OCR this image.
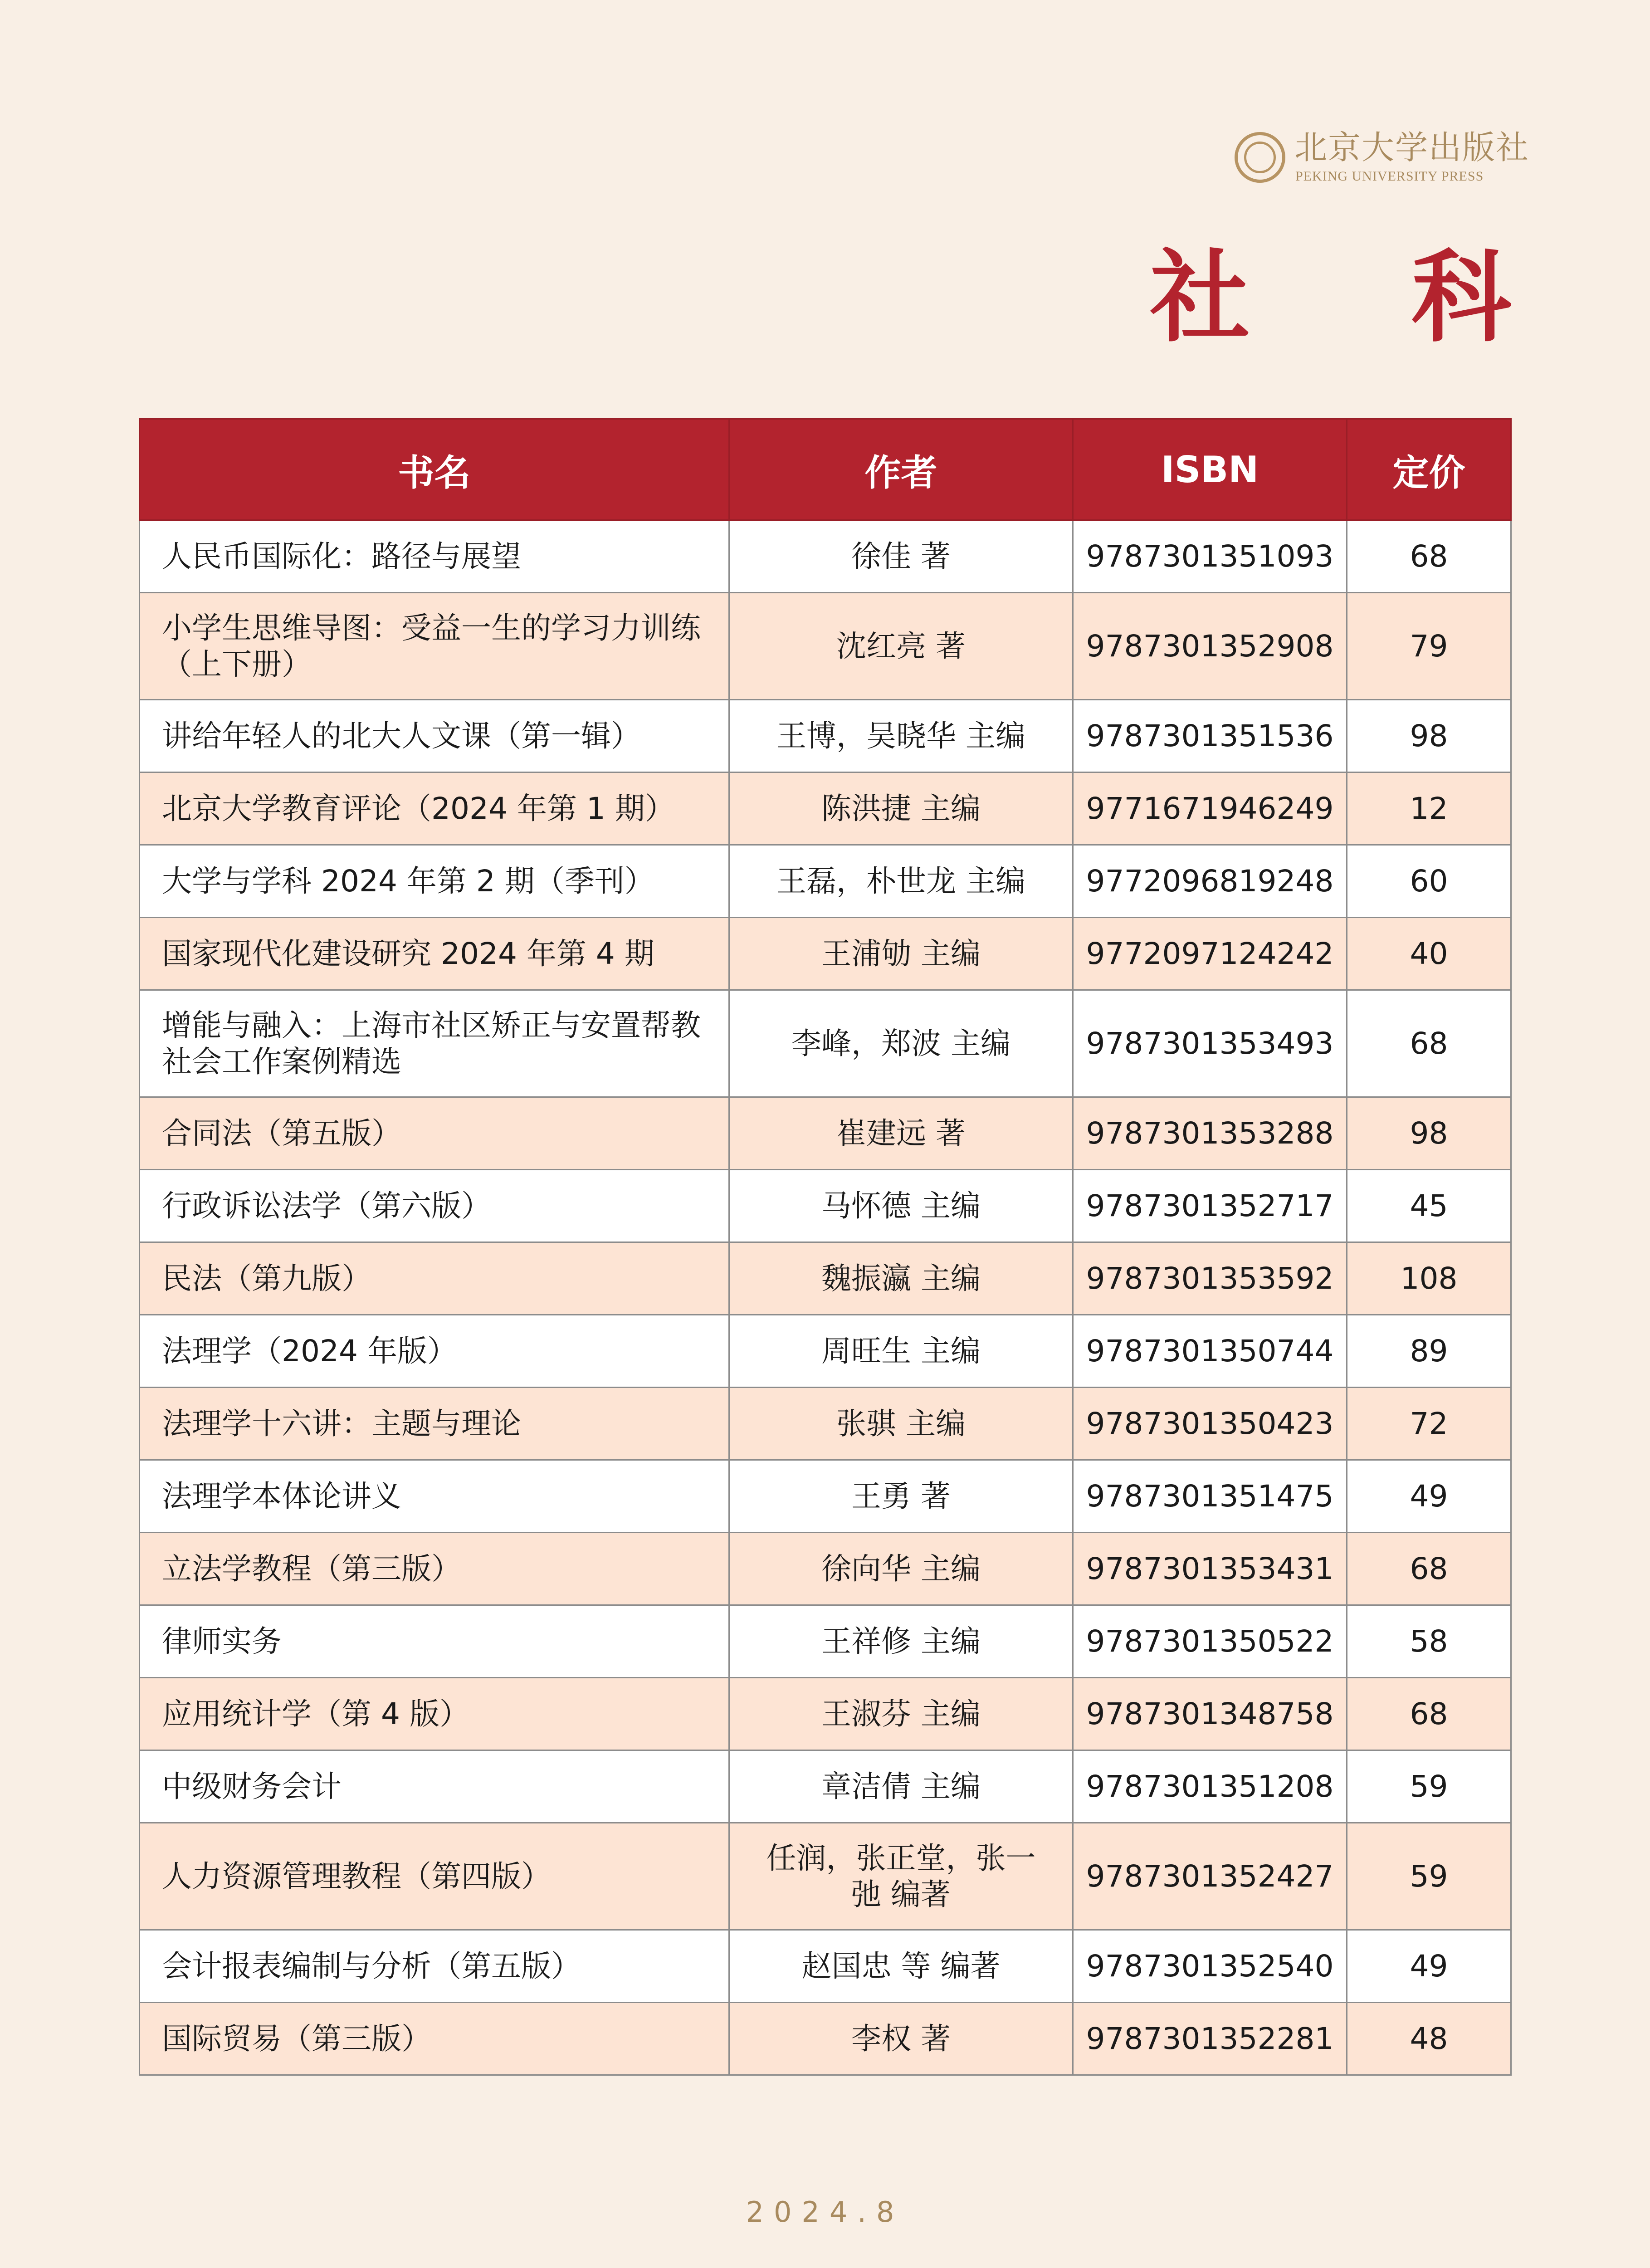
北京大学出版社
PEKING UNIVERSITY PRESS
社 科
书名	作者	ISBN	定价
人民币国际化：路径与展望	徐佳 著	9787301351093	68
小学生思维导图：受益一生的学习力训练（上下册）	沈红亮 著	9787301352908	79
讲给年轻人的北大人文课（第一辑）	王博，吴晓华 主编	9787301351536	98
北京大学教育评论（2024 年第 1 期）	陈洪捷 主编	9771671946249	12
大学与学科 2024 年第 2 期（季刊）	王磊，朴世龙 主编	9772096819248	60
国家现代化建设研究 2024 年第 4 期	王浦劬 主编	9772097124242	40
增能与融入：上海市社区矫正与安置帮教社会工作案例精选	李峰，郑波 主编	9787301353493	68
合同法（第五版）	崔建远 著	9787301353288	98
行政诉讼法学（第六版）	马怀德 主编	9787301352717	45
民法（第九版）	魏振瀛 主编	9787301353592	108
法理学（2024 年版）	周旺生 主编	9787301350744	89
法理学十六讲：主题与理论	张骐 主编	9787301350423	72
法理学本体论讲义	王勇 著	9787301351475	49
立法学教程（第三版）	徐向华 主编	9787301353431	68
律师实务	王祥修 主编	9787301350522	58
应用统计学（第 4 版）	王淑芬 主编	9787301348758	68
中级财务会计	章洁倩 主编	9787301351208	59
人力资源管理教程（第四版）	任润，张正堂，张一弛 编著	9787301352427	59
会计报表编制与分析（第五版）	赵国忠 等 编著	9787301352540	49
国际贸易（第三版）	李权 著	9787301352281	48
2024.8
